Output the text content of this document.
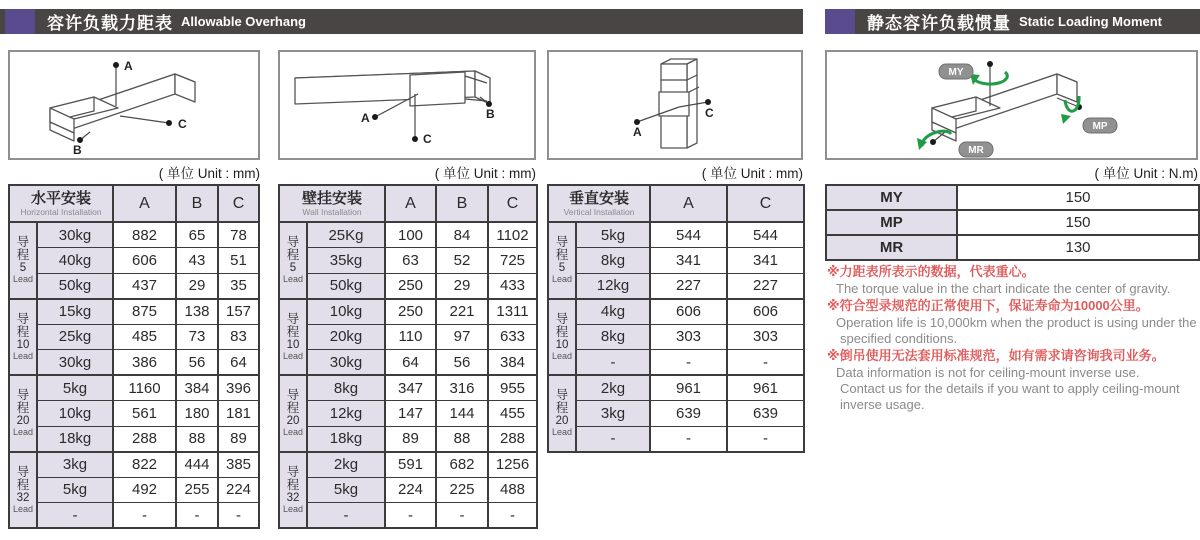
容许负载力距表 Allowable Overhang	静态容许负载惯量 Static Loading Moment
A
B
C	A
C
B
A
C
MY
MP
MR
( 单位 Unit : mm)	( 单位 Unit : mm)	( 单位 Unit : mm)	( 单位 Unit : N.m)
水平安装
Horizontal Installation		A	B	C

导
程
5
Lead	30kg	882	65	78
	40kg	606	43	51
	50kg	437	29	35

导
程
10
Lead	15kg	875	138	157
	25kg	485	73	83
	30kg	386	56	64

导
程
20
Lead	5kg	1160	384	396
	10kg	561	180	181
	18kg	288	88	89

导
程
32
Lead	3kg	822	444	385
	5kg	492	255	224
	-	-	-	-
壁挂安装
Wall Installation		A	B	C

导
程
5
Lead	25Kg	100	84	1102
	35kg	63	52	725
	50kg	250	29	433

导
程
10
Lead	10kg	250	221	1311
	20kg	110	97	633
	30kg	64	56	384

导
程
20
Lead	8kg	347	316	955
	12kg	147	144	455
	18kg	89	88	288

导
程
32
Lead	2kg	591	682	1256
	5kg	224	225	488
	-	-	-	-
垂直安装
Vertical Installation		A	C

导
程
5
Lead	5kg	544	544
	8kg	341	341
	12kg	227	227

导
程
10
Lead	4kg	606	606
	8kg	303	303
	-	-	-

导
程
20
Lead	2kg	961	961
	3kg	639	639
	-	-	-
MY	150
MP	150
MR	130
※力距表所表示的数据，代表重心。
The torque value in the chart indicate the center of gravity.
※符合型录规范的正常使用下，保证寿命为10000公里。
Operation life is 10,000km when the product is using under the
specified conditions.
※倒吊使用无法套用标准规范，如有需求请咨询我司业务。
Data information is not for ceiling-mount inverse use.
Contact us for the details if you want to apply ceiling-mount
inverse usage.
